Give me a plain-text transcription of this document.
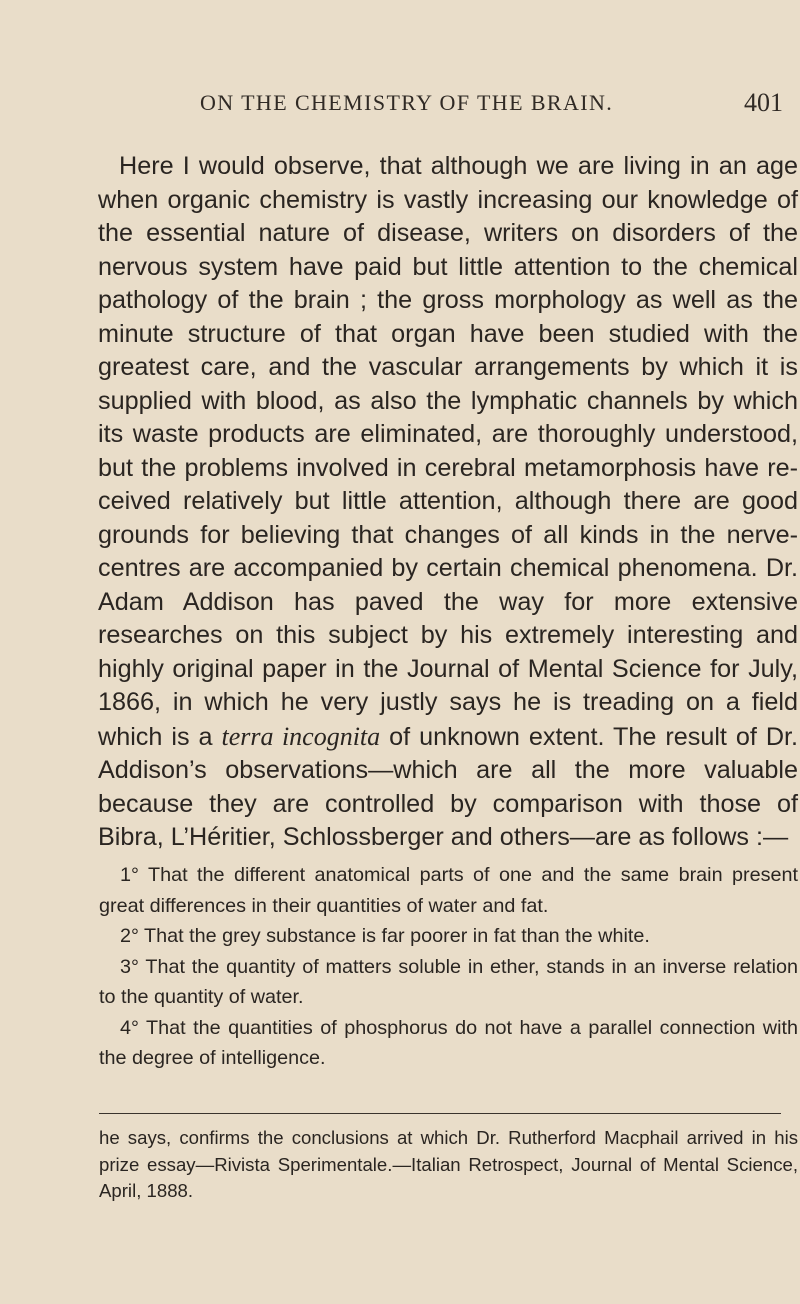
ON THE CHEMISTRY OF THE BRAIN.	401

Here I would observe, that although we are living in an age when organic chemistry is vastly increasing our knowledge of the essential nature of disease, writers on disorders of the nervous system have paid but little attention to the chemical pathology of the brain ; the gross morphology as well as the minute structure of that organ have been studied with the greatest care, and the vascular arrangements by which it is supplied with blood, as also the lymphatic channels by which its waste products are eliminated, are thoroughly understood, but the problems involved in cerebral metamorphosis have received relatively but little attention, although there are good grounds for believing that changes of all kinds in the nerve-centres are accompanied by certain chemical phenomena. Dr. Adam Addison has paved the way for more extensive researches on this subject by his extremely interesting and highly original paper in the Journal of Mental Science for July, 1866, in which he very justly says he is treading on a field which is a terra incognita of unknown extent. The result of Dr. Addison’s observations—which are all the more valuable because they are controlled by comparison with those of Bibra, L’Héritier, Schlossberger and others—are as follows :—

1° That the different anatomical parts of one and the same brain present great differences in their quantities of water and fat.

2° That the grey substance is far poorer in fat than the white.

3° That the quantity of matters soluble in ether, stands in an inverse relation to the quantity of water.

4° That the quantities of phosphorus do not have a parallel connection with the degree of intelligence.

he says, confirms the conclusions at which Dr. Rutherford Macphail arrived in his prize essay—Rivista Sperimentale.—Italian Retrospect, Journal of Mental Science, April, 1888.
